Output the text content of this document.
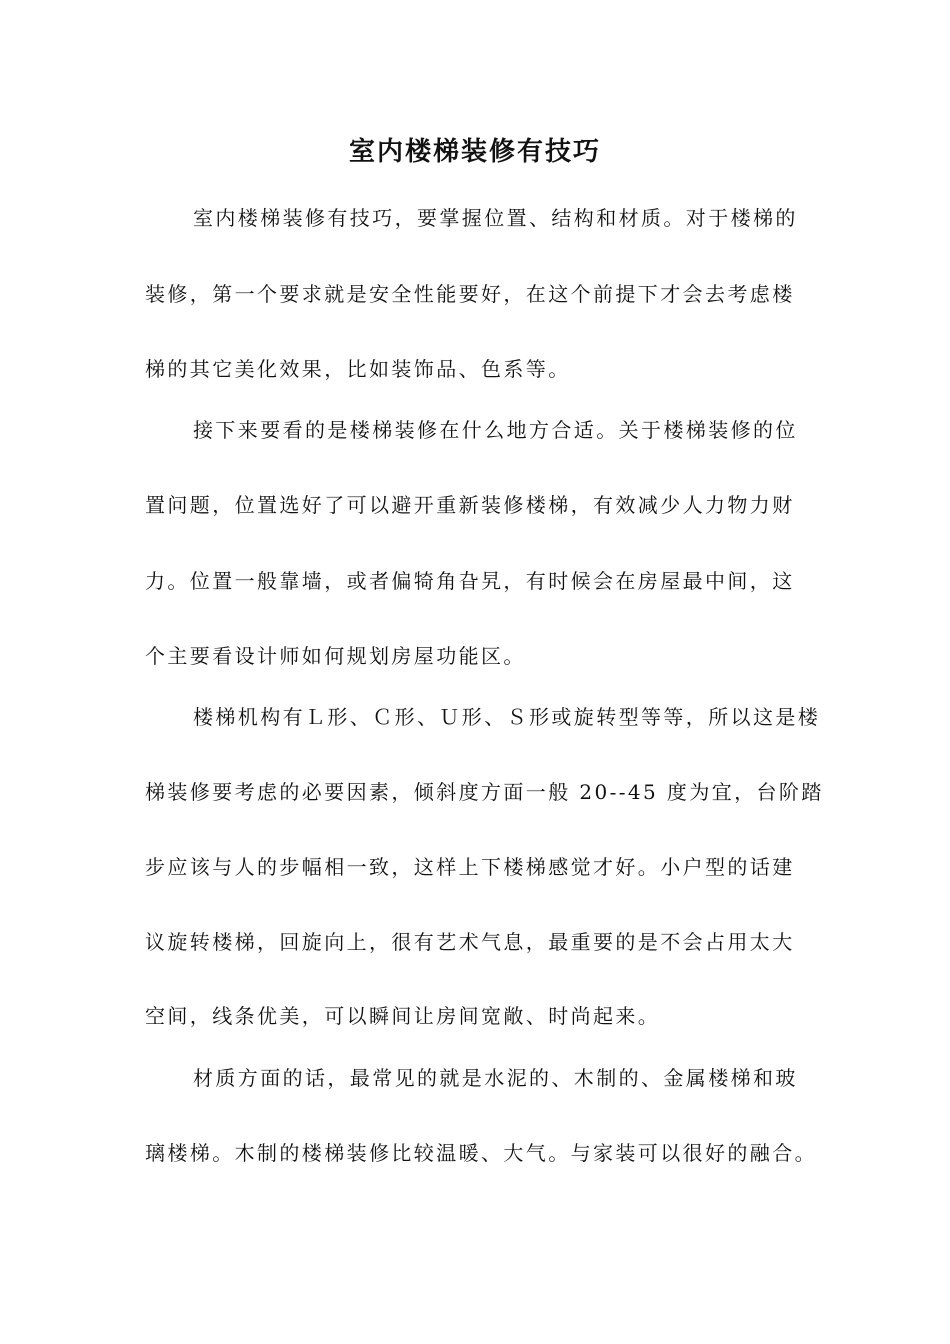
室内楼梯装修有技巧
室内楼梯装修有技巧，要掌握位置、结构和材质。对于楼梯的
装修，第一个要求就是安全性能要好，在这个前提下才会去考虑楼
梯的其它美化效果，比如装饰品、色系等。
接下来要看的是楼梯装修在什么地方合适。关于楼梯装修的位
置问题，位置选好了可以避开重新装修楼梯，有效减少人力物力财
力。位置一般靠墙，或者偏犄角旮旯，有时候会在房屋最中间，这
个主要看设计师如何规划房屋功能区。
楼梯机构有Ｌ形、Ｃ形、Ｕ形、Ｓ形或旋转型等等，所以这是楼
梯装修要考虑的必要因素，倾斜度方面一般 20--45 度为宜，台阶踏
步应该与人的步幅相一致，这样上下楼梯感觉才好。小户型的话建
议旋转楼梯，回旋向上，很有艺术气息，最重要的是不会占用太大
空间，线条优美，可以瞬间让房间宽敞、时尚起来。
材质方面的话，最常见的就是水泥的、木制的、金属楼梯和玻
璃楼梯。木制的楼梯装修比较温暖、大气。与家装可以很好的融合。
